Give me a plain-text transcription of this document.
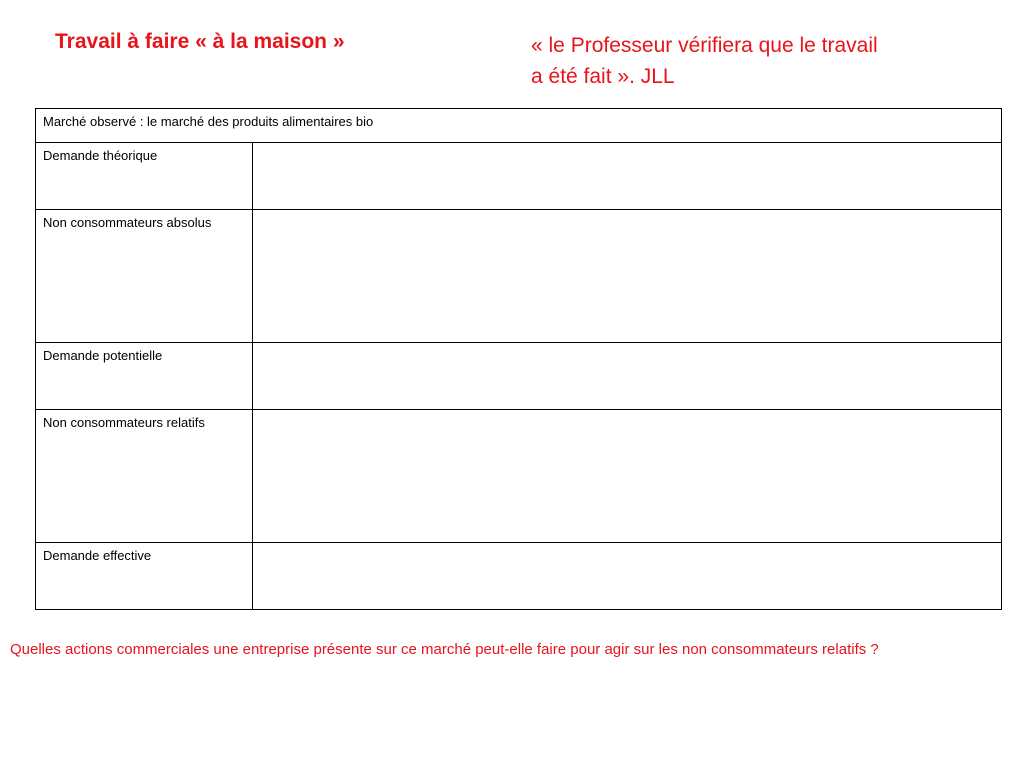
Travail à faire « à la maison »	« le Professeur vérifiera que le travail
a été fait ». JLL
Marché observé : le marché des produits alimentaires bio	
Demande théorique	
Non consommateurs absolus	
Demande potentielle	
Non consommateurs relatifs	
Demande effective	
Quelles actions commerciales une entreprise présente sur ce marché peut-elle faire pour agir sur les non consommateurs relatifs ?
